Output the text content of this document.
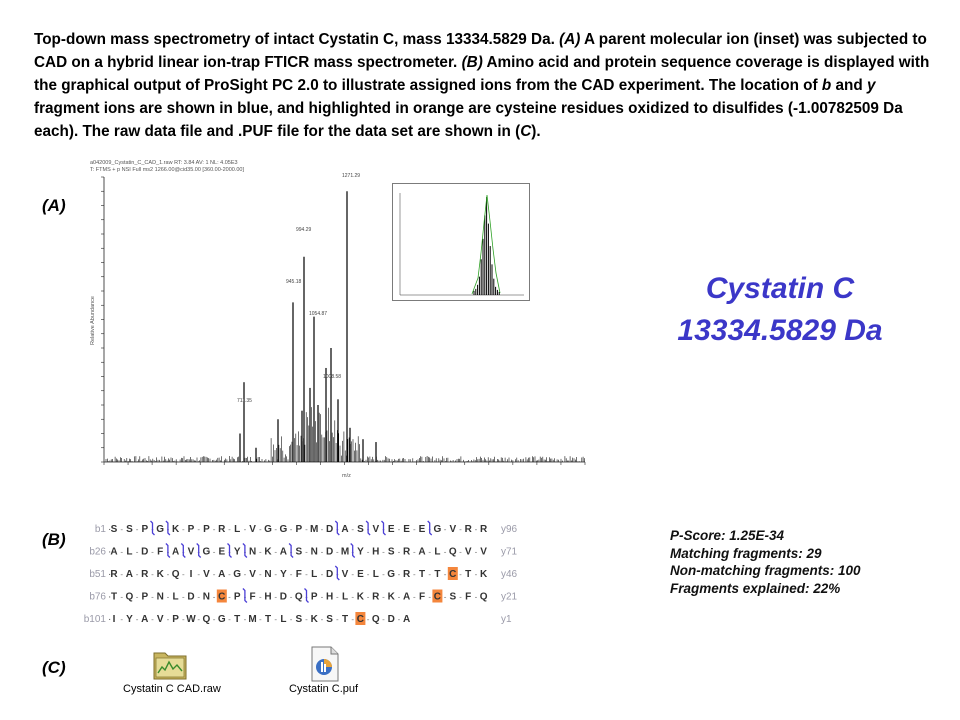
Top-down mass spectrometry of intact Cystatin C, mass 13334.5829 Da. (A) A parent molecular ion (inset) was subjected to CAD on a hybrid linear ion-trap FTICR mass spectrometer. (B) Amino acid and protein sequence coverage is displayed with the graphical output of ProSight PC 2.0 to illustrate assigned ions from the CAD experiment. The location of b and y fragment ions are shown in blue, and highlighted in orange are cysteine residues oxidized to disulfides (-1.00782509 Da each). The raw data file and .PUF file for the data set are shown in (C).
(A)
(B)
(C)
a042009_Cystatin_C_CAD_1.raw RT: 3.84 AV: 1 NL: 4.05E3
T: FTMS + p NSI Full ms2 1266.00@cid35.00 [360.00-2000.00]
Relative Abundance
m/z
1271.29
994.29
945.18
1054.87
711.35
1008.58
Cystatin C
13334.5829 Da
b1 · S - S - P - G - K - P - P - R - L - V - G - G - P - M - D - A - S - V - E - E - E - G - V - R - R y96
b26 · A - L - D - F - A - V - G - E - Y - N - K - A - S - N - D - M - Y - H - S - R - A - L - Q - V - V y71
b51 · R - A - R - K - Q - I - V - A - G - V - N - Y - F - L - D - V - E - L - G - R - T - T - C - T - K y46
b76 · T - Q - P - N - L - D - N - C - P - F - H - D - Q - P - H - L - K - R - K - A - F - C - S - F - Q y21
b101 · I - Y - A - V - P - W - Q - G - T - M - T - L - S - K - S - T - C - Q - D - A	y1
P-Score: 1.25E-34
Matching fragments: 29
Non-matching fragments: 100
Fragments explained: 22%
Cystatin C CAD.raw	Cystatin C.puf
